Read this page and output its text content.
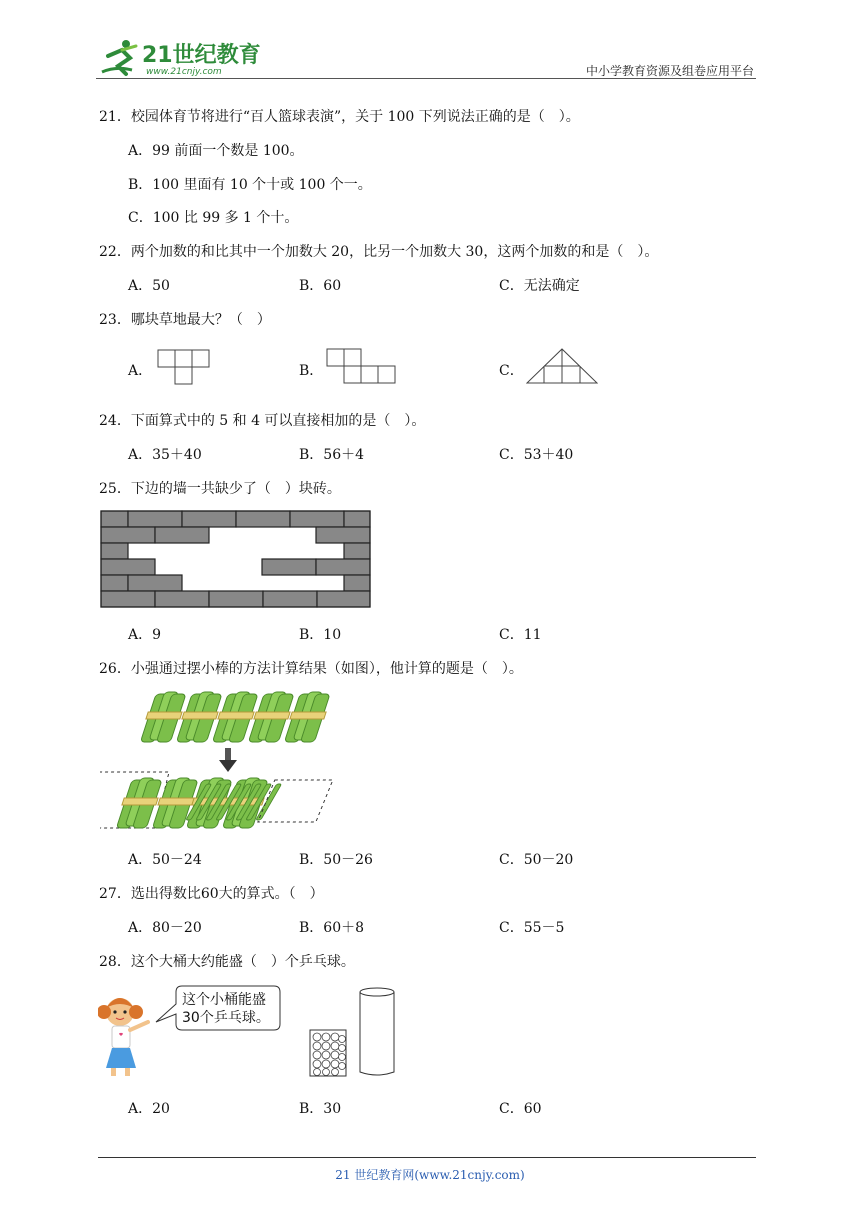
21世纪教育
www.21cnjy.com	中小学教育资源及组卷应用平台
21．校园体育节将进行“百人篮球表演”，关于 100 下列说法正确的是（　）。
A．99 前面一个数是 100。
B．100 里面有 10 个十或 100 个一。
C．100 比 99 多 1 个十。
22．两个加数的和比其中一个加数大 20，比另一个加数大 30，这两个加数的和是（　）。
A．50	B．60	C．无法确定
23．哪块草地最大？（　）
A．	B．	C．
24．下面算式中的 5 和 4 可以直接相加的是（　）。
A．35＋40	B．56＋4	C．53＋40
25．下边的墙一共缺少了（　）块砖。
A．9	B．10	C．11
26．小强通过摆小棒的方法计算结果（如图），他计算的题是（　）。
A．50－24	B．50－26	C．50－20
27．选出得数比60大的算式。（　）
A．80－20	B．60＋8	C．55－5
28．这个大桶大约能盛（　）个乒乓球。
这个小桶能盛
30个乒乓球。
A．20	B．30	C．60
21 世纪教育网(www.21cnjy.com)
